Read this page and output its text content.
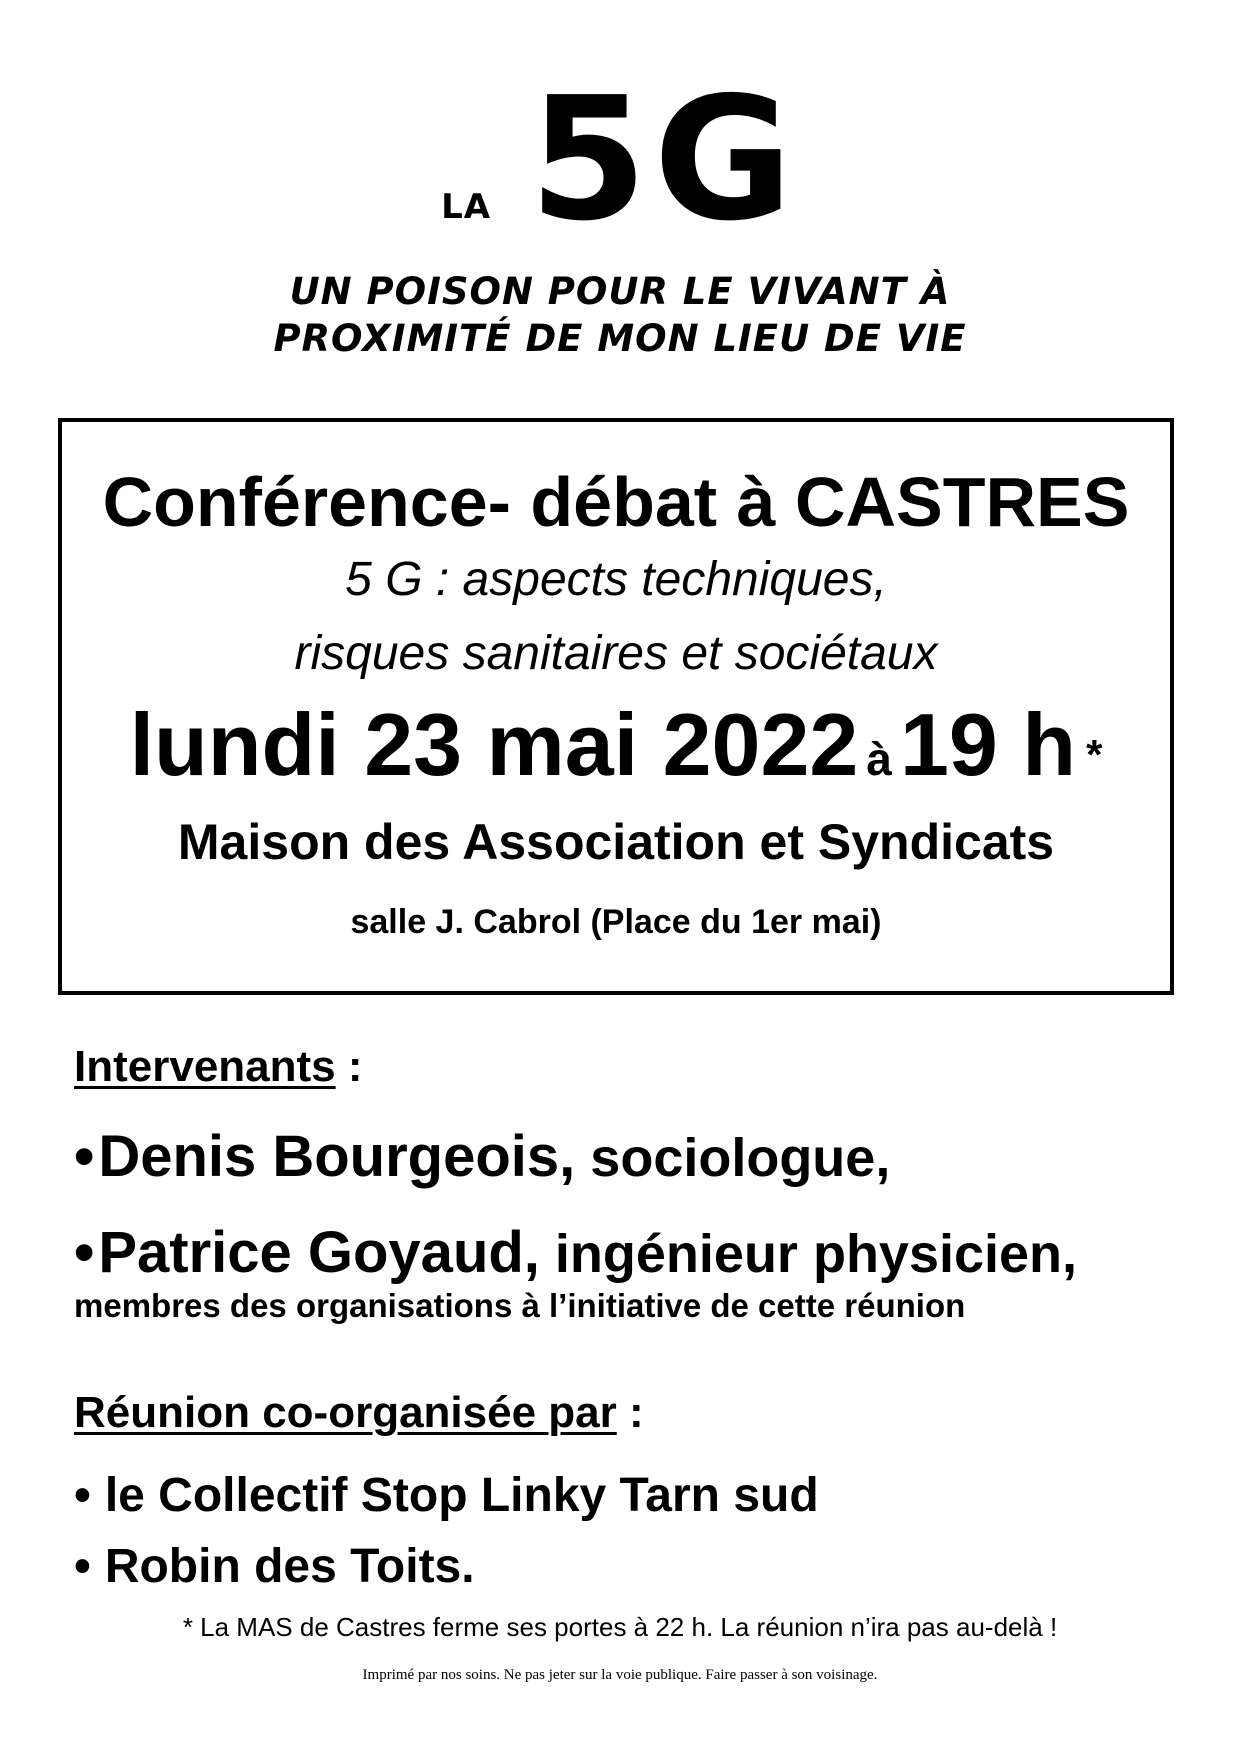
LA 5G
UN POISON POUR LE VIVANT À
PROXIMITÉ DE MON LIEU DE VIE
Conférence- débat à CASTRES
5 G : aspects techniques,
risques sanitaires et sociétaux
lundi 23 mai 2022 à19 h *
Maison des Association et Syndicats
salle J. Cabrol (Place du 1er mai)
Intervenants :
•Denis Bourgeois, sociologue,
•Patrice Goyaud, ingénieur physicien,
membres des organisations à l’initiative de cette réunion
Réunion co-organisée par :
• le Collectif Stop Linky Tarn sud
• Robin des Toits.
* La MAS de Castres ferme ses portes à 22 h. La réunion n’ira pas au-delà !
Imprimé par nos soins. Ne pas jeter sur la voie publique. Faire passer à son voisinage.
